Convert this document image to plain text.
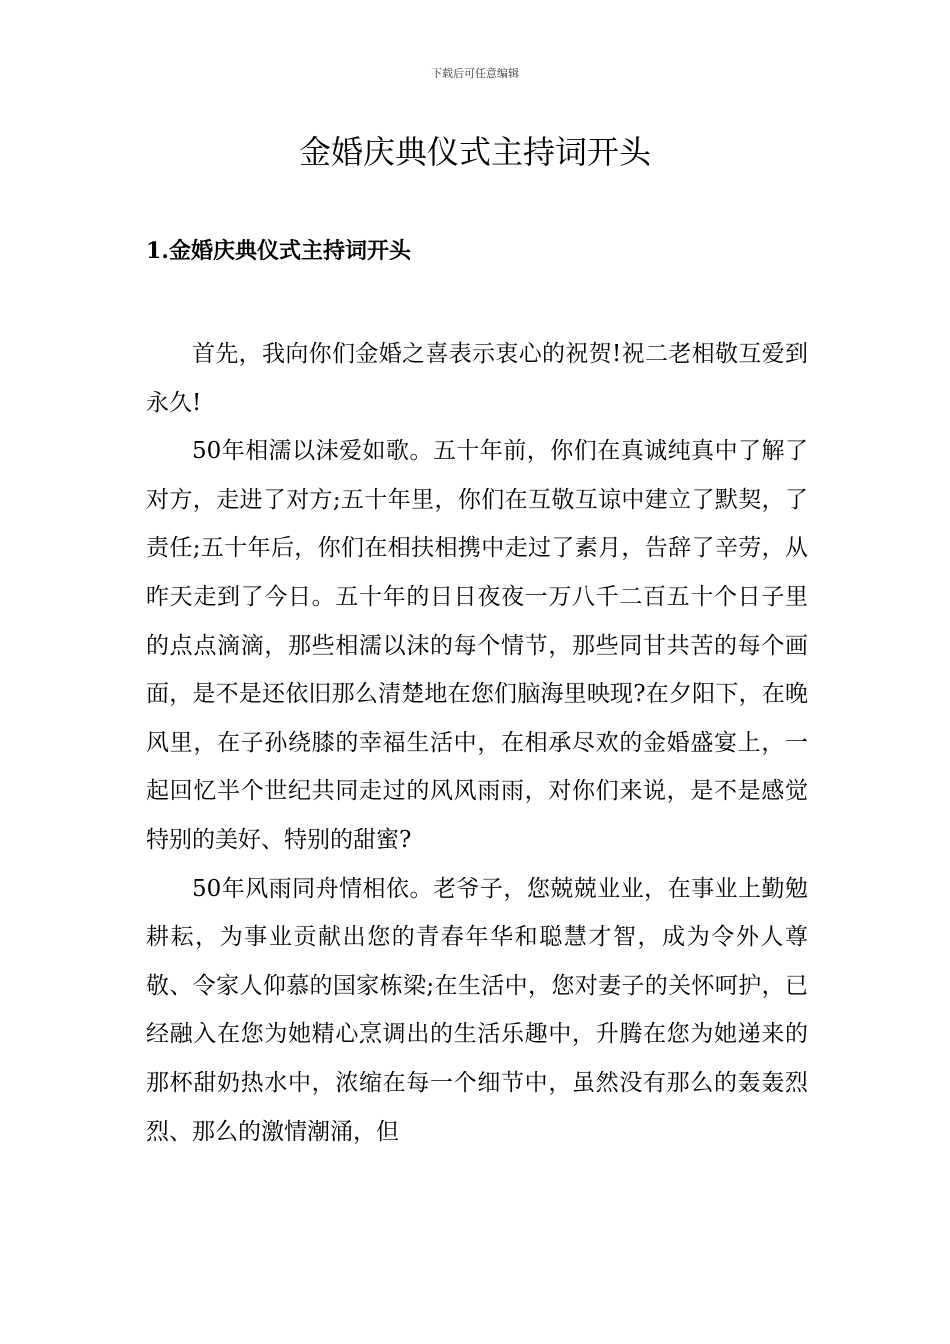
下载后可任意编辑
金婚庆典仪式主持词开头
1.金婚庆典仪式主持词开头

首先，我向你们金婚之喜表示衷心的祝贺!祝二老相敬互爱到永久!

50年相濡以沫爱如歌。五十年前，你们在真诚纯真中了解了对方，走进了对方;五十年里，你们在互敬互谅中建立了默契，了责任;五十年后，你们在相扶相携中走过了素月，告辞了辛劳，从昨天走到了今日。五十年的日日夜夜一万八千二百五十个日子里的点点滴滴，那些相濡以沫的每个情节，那些同甘共苦的每个画面，是不是还依旧那么清楚地在您们脑海里映现?在夕阳下，在晚风里，在子孙绕膝的幸福生活中，在相承尽欢的金婚盛宴上，一起回忆半个世纪共同走过的风风雨雨，对你们来说，是不是感觉特别的美好、特别的甜蜜?

50年风雨同舟情相依。老爷子，您兢兢业业，在事业上勤勉耕耘，为事业贡献出您的青春年华和聪慧才智，成为令外人尊敬、令家人仰慕的国家栋梁;在生活中，您对妻子的关怀呵护，已经融入在您为她精心烹调出的生活乐趣中，升腾在您为她递来的那杯甜奶热水中，浓缩在每一个细节中，虽然没有那么的轰轰烈烈、那么的激情潮涌，但
